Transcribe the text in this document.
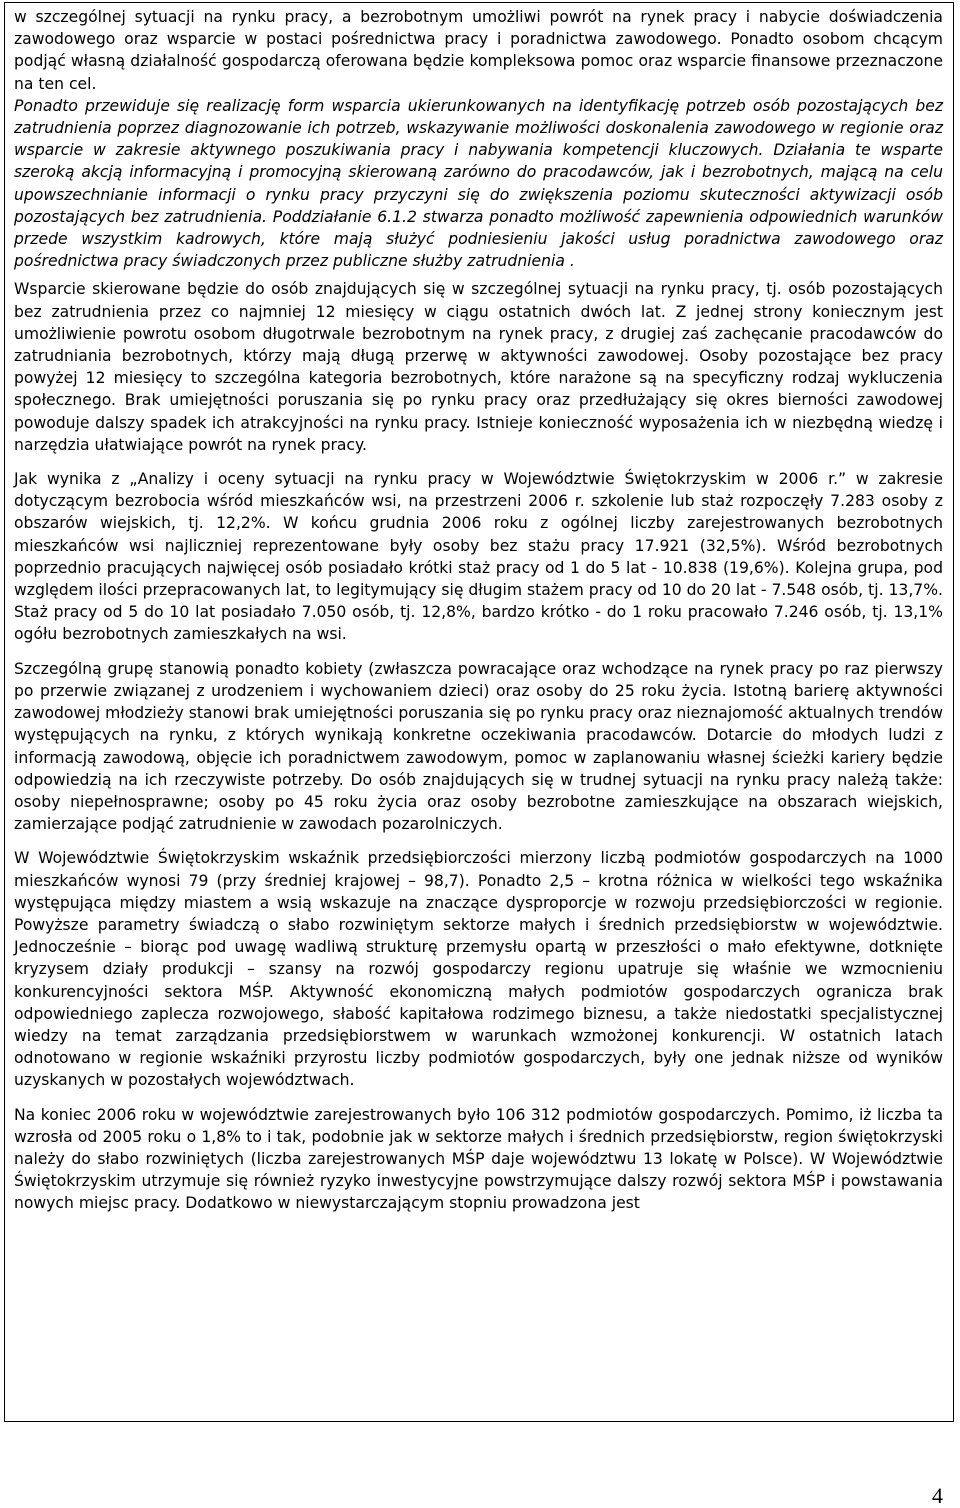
w szczególnej sytuacji na rynku pracy, a bezrobotnym umożliwi powrót na rynek pracy i nabycie doświadczenia zawodowego oraz wsparcie w postaci pośrednictwa pracy i poradnictwa zawodowego. Ponadto osobom chcącym podjąć własną działalność gospodarczą oferowana będzie kompleksowa pomoc oraz wsparcie finansowe przeznaczone na ten cel.

Ponadto przewiduje się realizację form wsparcia ukierunkowanych na identyfikację potrzeb osób pozostających bez zatrudnienia poprzez diagnozowanie ich potrzeb, wskazywanie możliwości doskonalenia zawodowego w regionie oraz wsparcie w zakresie aktywnego poszukiwania pracy i nabywania kompetencji kluczowych. Działania te wsparte szeroką akcją informacyjną i promocyjną skierowaną zarówno do pracodawców, jak i bezrobotnych, mającą na celu upowszechnianie informacji o rynku pracy przyczyni się do zwiększenia poziomu skuteczności aktywizacji osób pozostających bez zatrudnienia. Poddziałanie 6.1.2 stwarza ponadto możliwość zapewnienia odpowiednich warunków przede wszystkim kadrowych, które mają służyć podniesieniu jakości usług poradnictwa zawodowego oraz pośrednictwa pracy świadczonych przez publiczne służby zatrudnienia .

Wsparcie skierowane będzie do osób znajdujących się w szczególnej sytuacji na rynku pracy, tj. osób pozostających bez zatrudnienia przez co najmniej 12 miesięcy w ciągu ostatnich dwóch lat. Z jednej strony koniecznym jest umożliwienie powrotu osobom długotrwale bezrobotnym na rynek pracy, z drugiej zaś zachęcanie pracodawców do zatrudniania bezrobotnych, którzy mają długą przerwę w aktywności zawodowej. Osoby pozostające bez pracy powyżej 12 miesięcy to szczególna kategoria bezrobotnych, które narażone są na specyficzny rodzaj wykluczenia społecznego. Brak umiejętności poruszania się po rynku pracy oraz przedłużający się okres bierności zawodowej powoduje dalszy spadek ich atrakcyjności na rynku pracy. Istnieje konieczność wyposażenia ich w niezbędną wiedzę i narzędzia ułatwiające powrót na rynek pracy.

Jak wynika z „Analizy i oceny sytuacji na rynku pracy w Województwie Świętokrzyskim w 2006 r.” w zakresie dotyczącym bezrobocia wśród mieszkańców wsi, na przestrzeni 2006 r. szkolenie lub staż rozpoczęły 7.283 osoby z obszarów wiejskich, tj. 12,2%. W końcu grudnia 2006 roku z ogólnej liczby zarejestrowanych bezrobotnych mieszkańców wsi najliczniej reprezentowane były osoby bez stażu pracy 17.921 (32,5%). Wśród bezrobotnych poprzednio pracujących najwięcej osób posiadało krótki staż pracy od 1 do 5 lat - 10.838 (19,6%). Kolejna grupa, pod względem ilości przepracowanych lat, to legitymujący się długim stażem pracy od 10 do 20 lat - 7.548 osób, tj. 13,7%. Staż pracy od 5 do 10 lat posiadało 7.050 osób, tj. 12,8%, bardzo krótko - do 1 roku pracowało 7.246 osób, tj. 13,1% ogółu bezrobotnych zamieszkałych na wsi.

Szczególną grupę stanowią ponadto kobiety (zwłaszcza powracające oraz wchodzące na rynek pracy po raz pierwszy po przerwie związanej z urodzeniem i wychowaniem dzieci) oraz osoby do 25 roku życia. Istotną barierę aktywności zawodowej młodzieży stanowi brak umiejętności poruszania się po rynku pracy oraz nieznajomość aktualnych trendów występujących na rynku, z których wynikają konkretne oczekiwania pracodawców. Dotarcie do młodych ludzi z informacją zawodową, objęcie ich poradnictwem zawodowym, pomoc w zaplanowaniu własnej ścieżki kariery będzie odpowiedzią na ich rzeczywiste potrzeby. Do osób znajdujących się w trudnej sytuacji na rynku pracy należą także: osoby niepełnosprawne; osoby po 45 roku życia oraz osoby bezrobotne zamieszkujące na obszarach wiejskich, zamierzające podjąć zatrudnienie w zawodach pozarolniczych.

W Województwie Świętokrzyskim wskaźnik przedsiębiorczości mierzony liczbą podmiotów gospodarczych na 1000 mieszkańców wynosi 79 (przy średniej krajowej – 98,7). Ponadto 2,5 – krotna różnica w wielkości tego wskaźnika występująca między miastem a wsią wskazuje na znaczące dysproporcje w rozwoju przedsiębiorczości w regionie. Powyższe parametry świadczą o słabo rozwiniętym sektorze małych i średnich przedsiębiorstw w województwie. Jednocześnie – biorąc pod uwagę wadliwą strukturę przemysłu opartą w przeszłości o mało efektywne, dotknięte kryzysem działy produkcji – szansy na rozwój gospodarczy regionu upatruje się właśnie we wzmocnieniu konkurencyjności sektora MŚP. Aktywność ekonomiczną małych podmiotów gospodarczych ogranicza brak odpowiedniego zaplecza rozwojowego, słabość kapitałowa rodzimego biznesu, a także niedostatki specjalistycznej wiedzy na temat zarządzania przedsiębiorstwem w warunkach wzmożonej konkurencji. W ostatnich latach odnotowano w regionie wskaźniki przyrostu liczby podmiotów gospodarczych, były one jednak niższe od wyników uzyskanych w pozostałych województwach.

Na koniec 2006 roku w województwie zarejestrowanych było 106 312 podmiotów gospodarczych. Pomimo, iż liczba ta wzrosła od 2005 roku o 1,8% to i tak, podobnie jak w sektorze małych i średnich przedsiębiorstw, region świętokrzyski należy do słabo rozwiniętych (liczba zarejestrowanych MŚP daje województwu 13 lokatę w Polsce). W Województwie Świętokrzyskim utrzymuje się również ryzyko inwestycyjne powstrzymujące dalszy rozwój sektora MŚP i powstawania nowych miejsc pracy. Dodatkowo w niewystarczającym stopniu prowadzona jest

4
